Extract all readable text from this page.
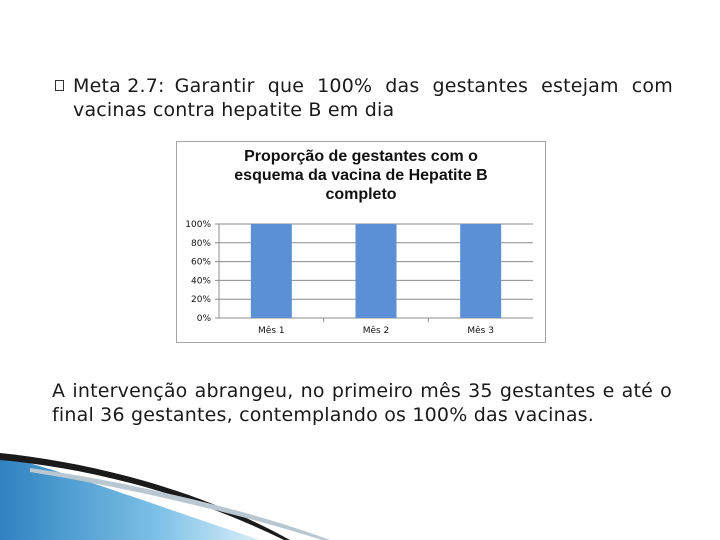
Meta 2.7: Garantir que 100% das gestantes estejam com
vacinas contra hepatite B em dia
Proporção de gestantes com o
esquema da vacina de Hepatite B
completo
0%
20%
40%
60%
80%
100%
Mês 1	Mês 2	Mês 3
A intervenção abrangeu, no primeiro mês 35 gestantes e até o
final 36 gestantes, contemplando os 100% das vacinas.
